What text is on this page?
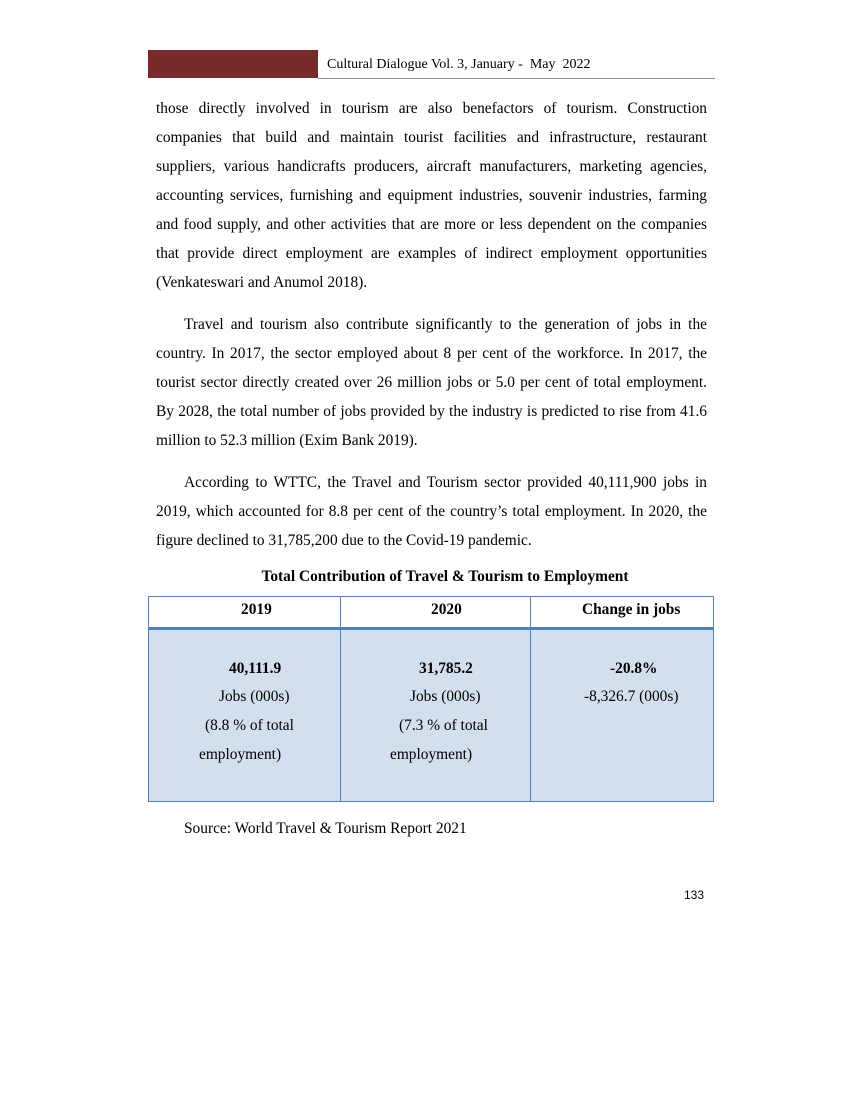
Cultural Dialogue Vol. 3, January -  May  2022

those directly involved in tourism are also benefactors of tourism. Construction companies that build and maintain tourist facilities and infrastructure, restaurant suppliers, various handicrafts producers, aircraft manufacturers, marketing agencies, accounting services, furnishing and equipment industries, souvenir industries, farming and food supply, and other activities that are more or less dependent on the companies that provide direct employment are examples of indirect employment opportunities (Venkateswari and Anumol 2018).

Travel and tourism also contribute significantly to the generation of jobs in the country. In 2017, the sector employed about 8 per cent of the workforce. In 2017, the tourist sector directly created over 26 million jobs or 5.0 per cent of total employment. By 2028, the total number of jobs provided by the industry is predicted to rise from 41.6 million to 52.3 million (Exim Bank 2019).

According to WTTC, the Travel and Tourism sector provided 40,111,900 jobs in 2019, which accounted for 8.8 per cent of the country’s total employment. In 2020, the figure declined to 31,785,200 due to the Covid-19 pandemic.

Total Contribution of Travel & Tourism to Employment
2019	2020	Change in jobs
40,111.9
Jobs (000s)
(8.8 % of total
employment)
31,785.2
Jobs (000s)
(7.3 % of total
employment)
-20.8%
-8,326.7 (000s)
Source: World Travel & Tourism Report 2021
133
